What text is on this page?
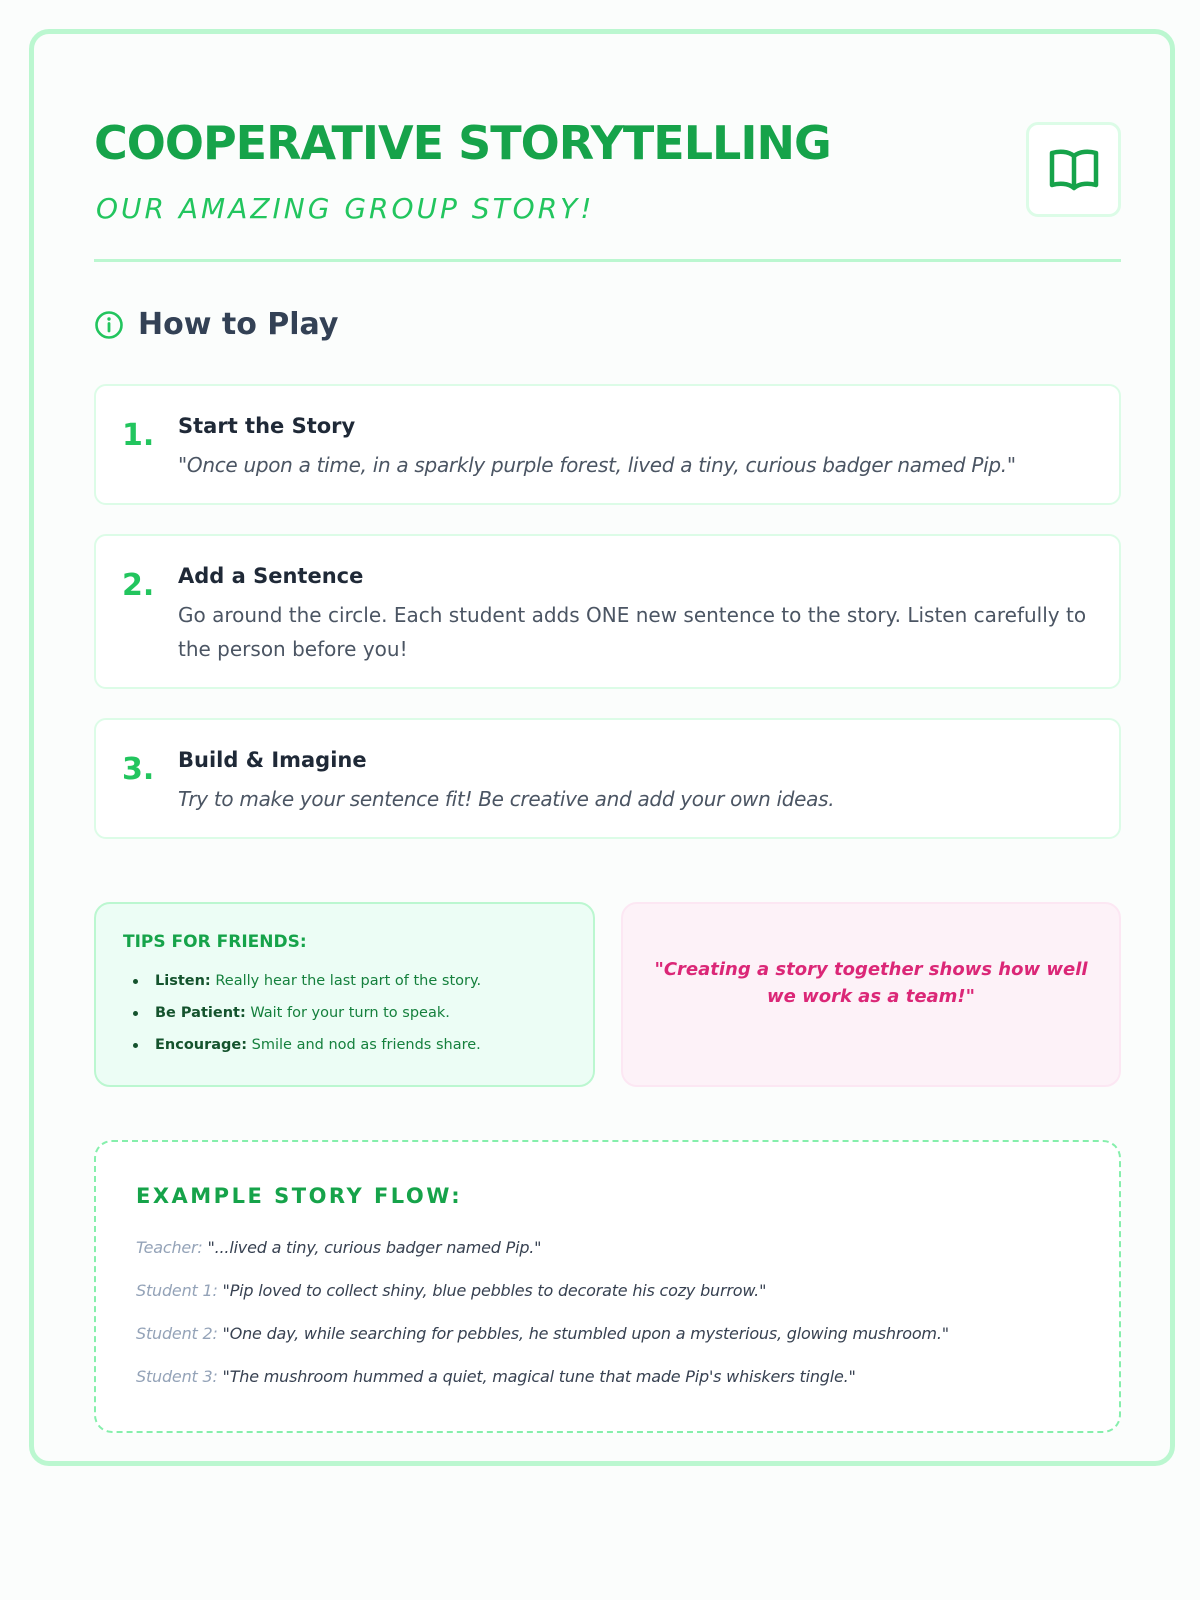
COOPERATIVE STORYTELLING
OUR AMAZING GROUP STORY!
How to Play
1. Start the Story
"Once upon a time, in a sparkly purple forest, lived a tiny, curious badger named Pip."
2. Add a Sentence
Go around the circle. Each student adds ONE new sentence to the story. Listen carefully to the person before you!
3. Build & Imagine
Try to make your sentence fit! Be creative and add your own ideas.
TIPS FOR FRIENDS:
Listen: Really hear the last part of the story.
Be Patient: Wait for your turn to speak.
Encourage: Smile and nod as friends share.
"Creating a story together shows how well we work as a team!"
EXAMPLE STORY FLOW:
Teacher: "...lived a tiny, curious badger named Pip."
Student 1: "Pip loved to collect shiny, blue pebbles to decorate his cozy burrow."
Student 2: "One day, while searching for pebbles, he stumbled upon a mysterious, glowing mushroom."
Student 3: "The mushroom hummed a quiet, magical tune that made Pip's whiskers tingle."
